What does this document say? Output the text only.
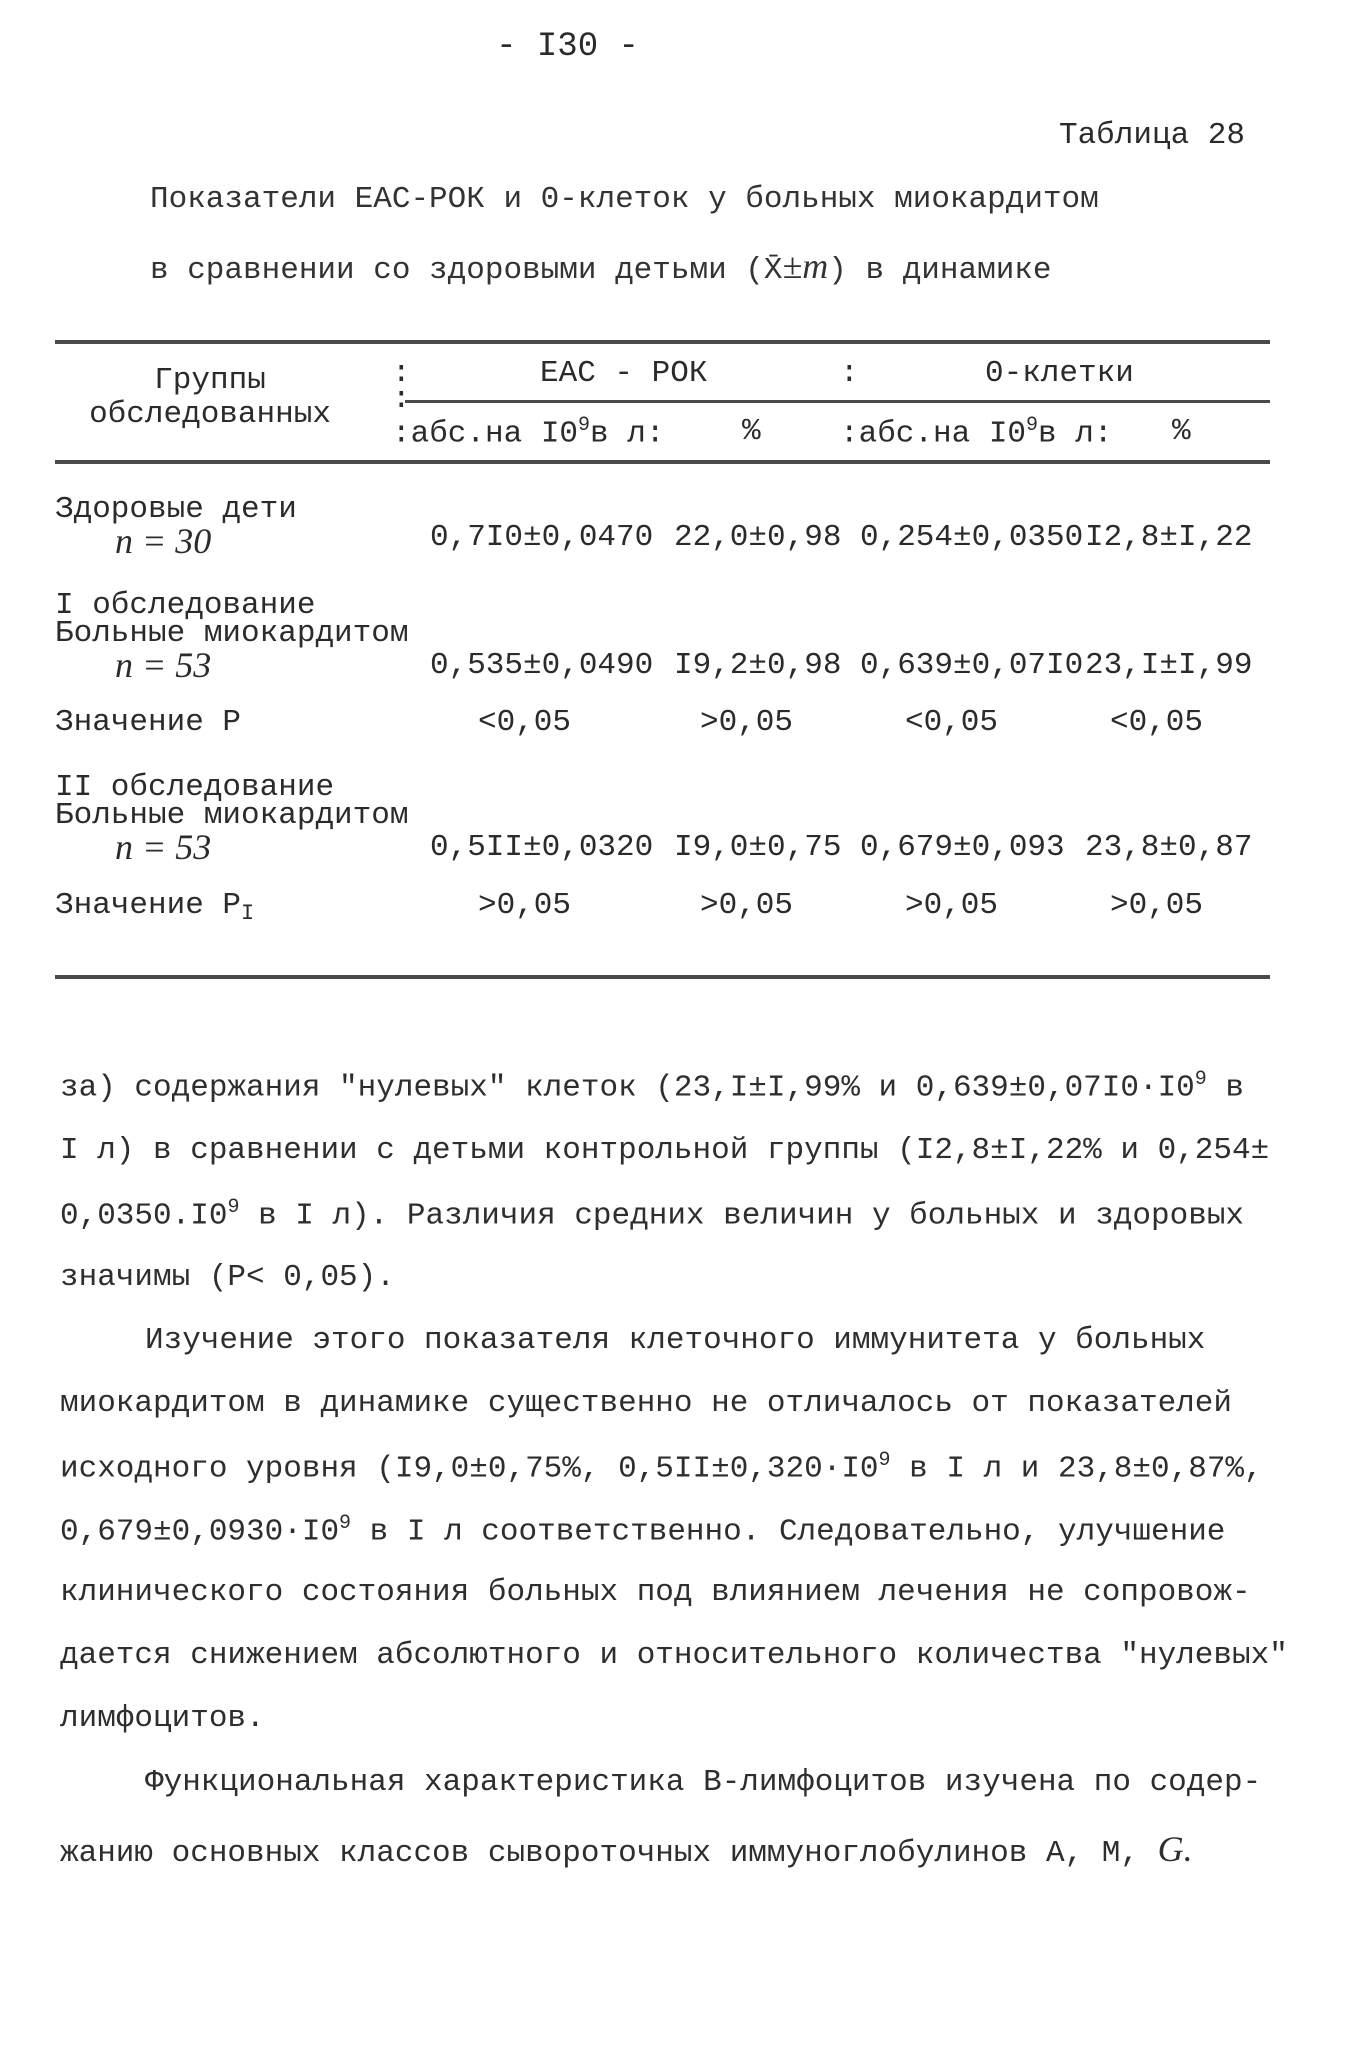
- I30 -
Таблица 28
Показатели ЕАС-РОК и 0-клеток у больных миокардитом
в сравнении со здоровыми детьми (X̄±m) в динамике
Группы
обследованных
:
:
ЕАС - РОК	:	0-клетки
:абс.на $I0^9в$ л:	%	:абс.на $I0^9в$ л: %
Здоровые дети
n = 30	0,7I0±0,0470 22,0±0,98 0,254±0,0350 I2,8±I,22
I обследование
Больные миокардитом
n = 53	0,535±0,0490 I9,2±0,98 0,639±0,07I0 23,I±I,99
Значение Р	<0,05	>0,05	<0,05	<0,05
II обследование
Больные миокардитом
n = 53	0,5II±0,0320 I9,0±0,75 0,679±0,093 23,8±0,87
Значение $Р_I$	>0,05	>0,05	>0,05	>0,05
за) содержания "нулевых" клеток (23,I±I,99% и $0,639\pm 0,07I0\cdot I0^9$ в
I л) в сравнении с детьми контрольной группы (I2,8±I,22% и 0,254±
$0,0350.I0^9$ в I л). Различия средних величин у больных и здоровых
значимы (Р< 0,05).
Изучение этого показателя клеточного иммунитета у больных
миокардитом в динамике существенно не отличалось от показателей
исходного уровня (I9,0±0,75%, $0,5II\pm 0,320\cdot I0^9$ в I л и 23,8±0,87%,
$0,679\pm 0,0930\cdot I0^9$ в I л соответственно. Следовательно, улучшение
клинического состояния больных под влиянием лечения не сопровож-
дается снижением абсолютного и относительного количества "нулевых"
лимфоцитов.
Функциональная характеристика В-лимфоцитов изучена по содер-
жанию основных классов сывороточных иммуноглобулинов А, М, G.
